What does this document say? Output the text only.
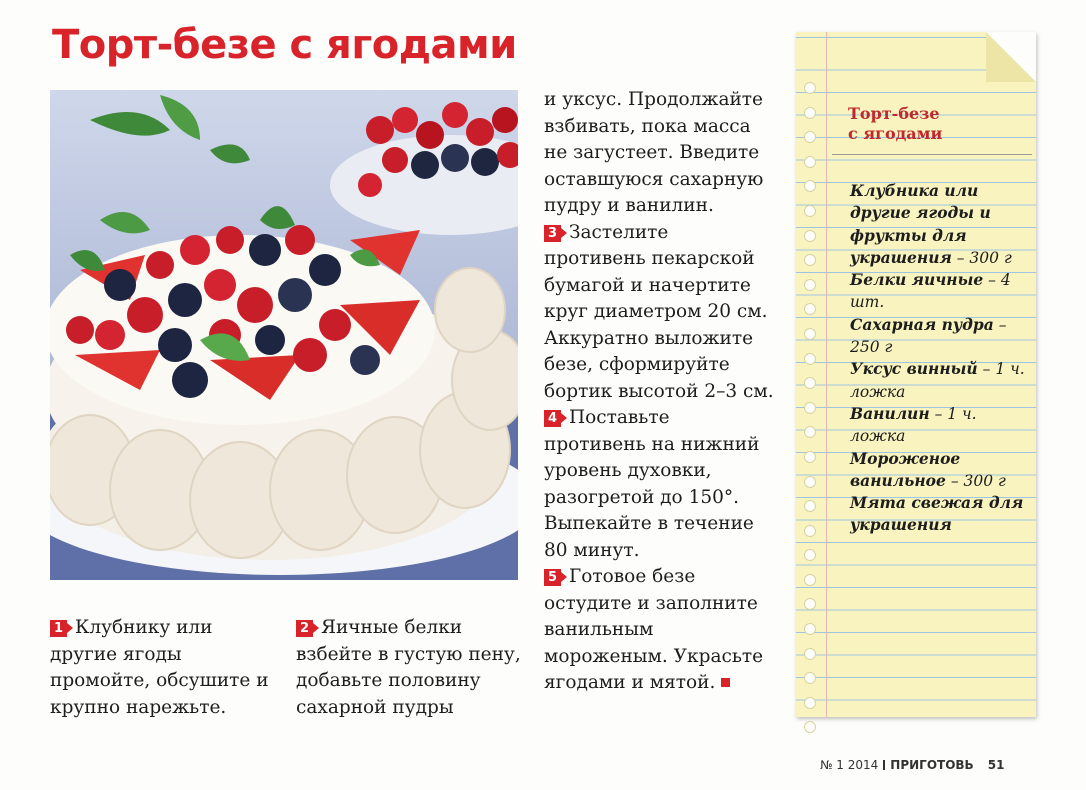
Торт-безе с ягодами

1 Клубнику или другие ягоды промойте, обсушите и крупно нарежьте.

2 Яичные белки взбейте в густую пену, добавьте половину сахарной пудры

и уксус. Продолжайте взбивать, пока масса не загустеет. Введите оставшуюся сахарную пудру и ванилин.

3 Застелите противень пекарской бумагой и начертите круг диаметром 20 см. Аккуратно выложите безе, сформируйте бортик высотой 2–3 см.

4 Поставьте противень на нижний уровень духовки, разогретой до 150°. Выпекайте в течение 80 минут.

5 Готовое безе остудите и заполните ванильным мороженым. Украсьте ягодами и мятой.

Торт-безе
с ягодами
Клубника или другие ягоды и фрукты для украшения – 300 г
Белки яичные – 4 шт.
Сахарная пудра – 250 г
Уксус винный – 1 ч. ложка
Ванилин – 1 ч. ложка
Мороженое ванильное – 300 г
Мята свежая для украшения
№ 1 2014 ПРИГОТОВЬ 51
